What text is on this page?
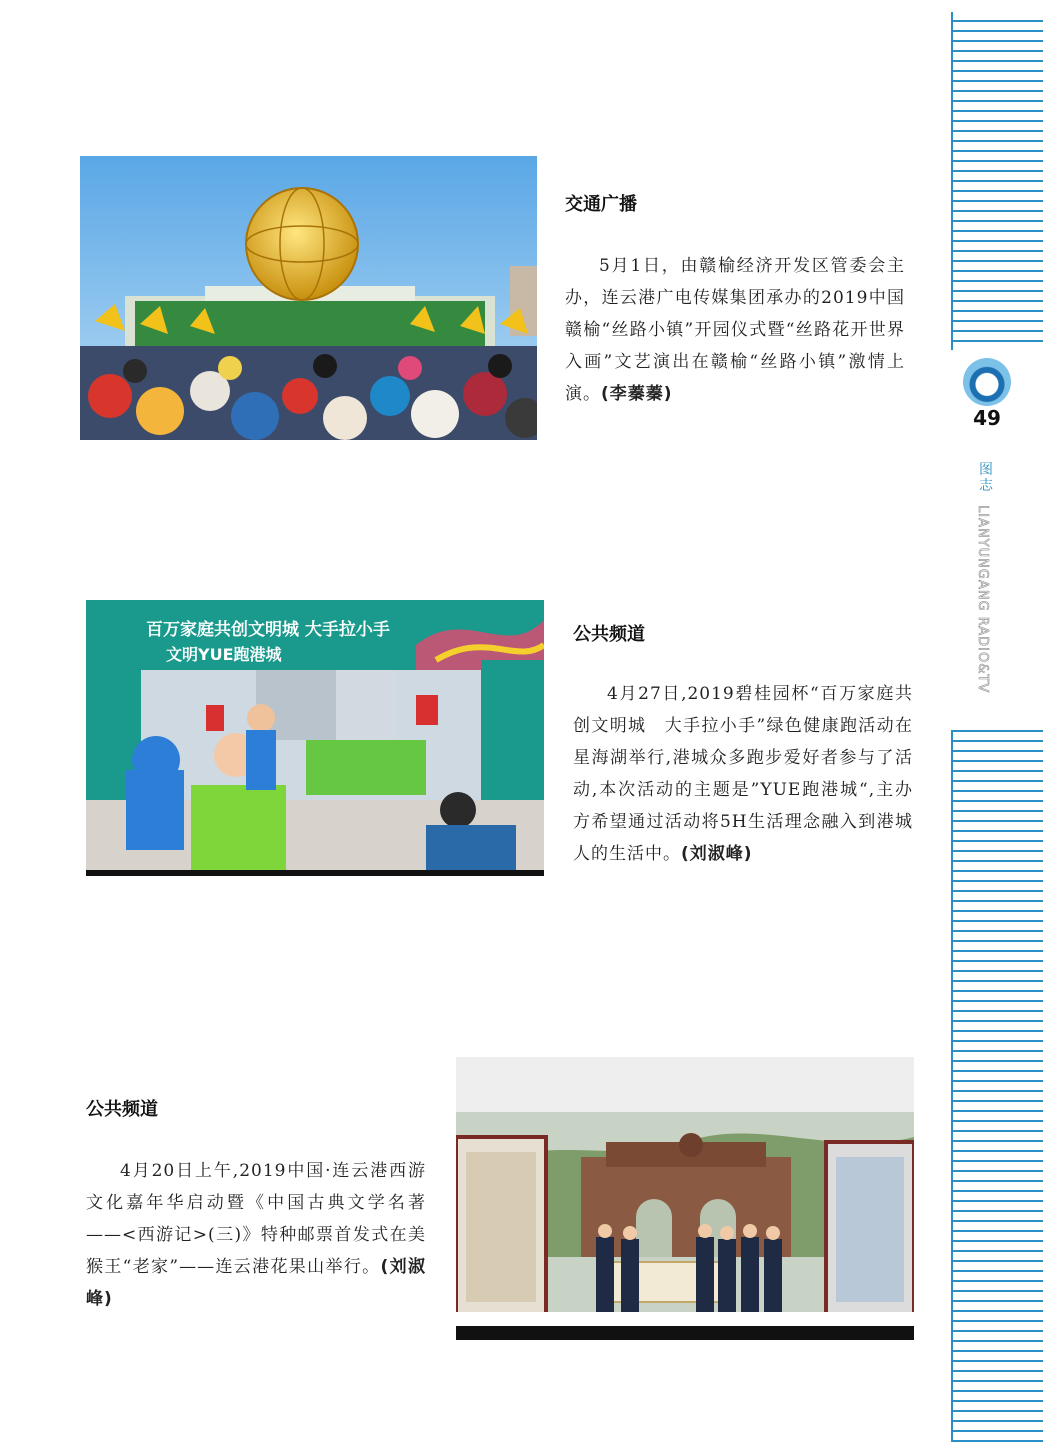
交通广播

5月1日，由赣榆经济开发区管委会主办，连云港广电传媒集团承办的2019中国赣榆“丝路小镇”开园仪式暨“丝路花开世界入画”文艺演出在赣榆“丝路小镇”激情上演。(李蓁蓁)

百万家庭共创文明城 大手拉小手
文明YUE跑港城
公共频道

4月27日,2019碧桂园杯“百万家庭共创文明城　大手拉小手”绿色健康跑活动在星海湖举行,港城众多跑步爱好者参与了活动,本次活动的主题是”YUE跑港城“,主办方希望通过活动将5H生活理念融入到港城人的生活中。(刘淑峰)

公共频道

4月20日上午,2019中国·连云港西游文化嘉年华启动暨《中国古典文学名著——<西游记>(三)》特种邮票首发式在美猴王“老家”——连云港花果山举行。(刘淑峰)

49
图志
LIANYUNGANG RADIO&TV
